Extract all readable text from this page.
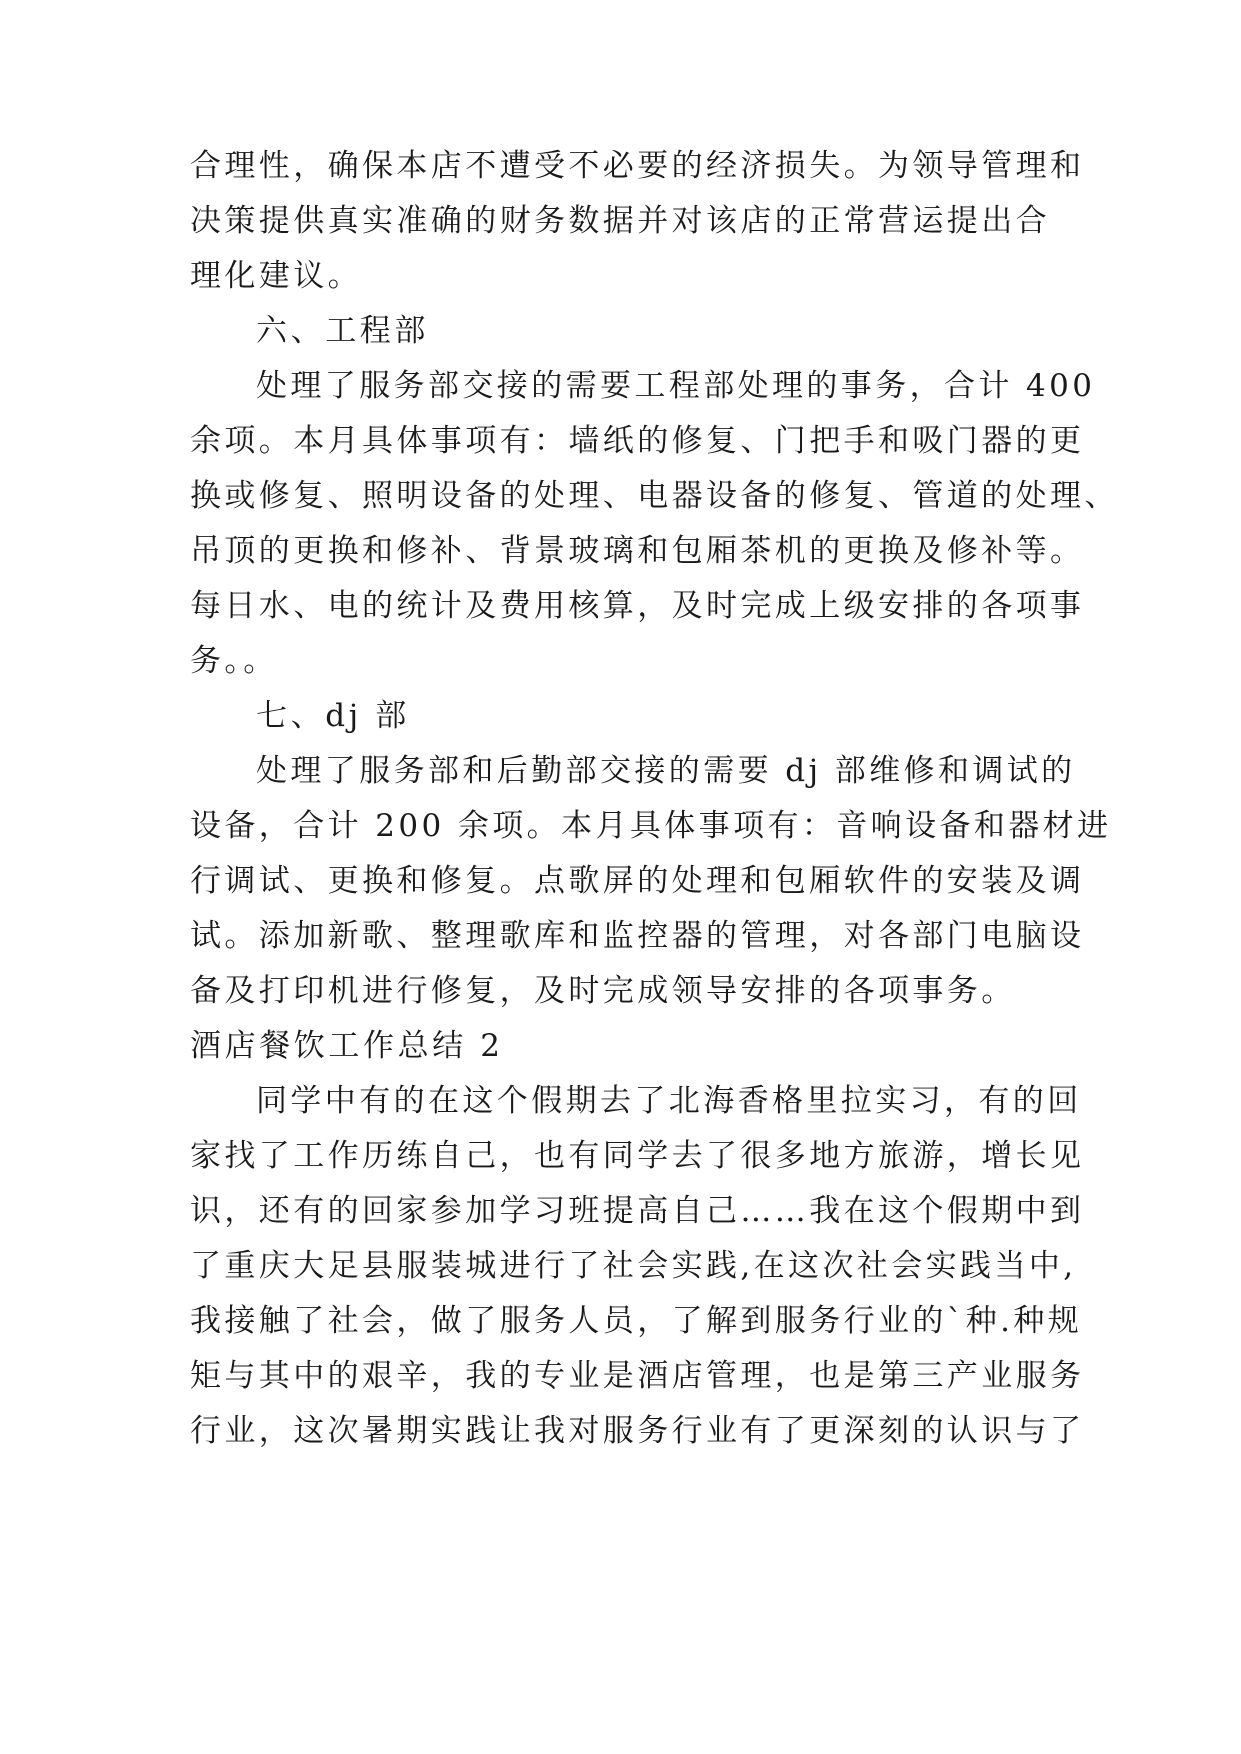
合理性，确保本店不遭受不必要的经济损失。为领导管理和
决策提供真实准确的财务数据并对该店的正常营运提出合
理化建议。
六、工程部
处理了服务部交接的需要工程部处理的事务，合计 400
余项。本月具体事项有：墙纸的修复、门把手和吸门器的更
换或修复、照明设备的处理、电器设备的修复、管道的处理、
吊顶的更换和修补、背景玻璃和包厢茶机的更换及修补等。
每日水、电的统计及费用核算，及时完成上级安排的各项事
务。。
七、dj 部
处理了服务部和后勤部交接的需要 dj 部维修和调试的
设备，合计 200 余项。本月具体事项有：音响设备和器材进
行调试、更换和修复。点歌屏的处理和包厢软件的安装及调
试。添加新歌、整理歌库和监控器的管理，对各部门电脑设
备及打印机进行修复，及时完成领导安排的各项事务。
酒店餐饮工作总结 2
同学中有的在这个假期去了北海香格里拉实习，有的回
家找了工作历练自己，也有同学去了很多地方旅游，增长见
识，还有的回家参加学习班提高自己……我在这个假期中到
了重庆大足县服装城进行了社会实践,在这次社会实践当中,
我接触了社会，做了服务人员，了解到服务行业的`种.种规
矩与其中的艰辛，我的专业是酒店管理，也是第三产业服务
行业，这次暑期实践让我对服务行业有了更深刻的认识与了
